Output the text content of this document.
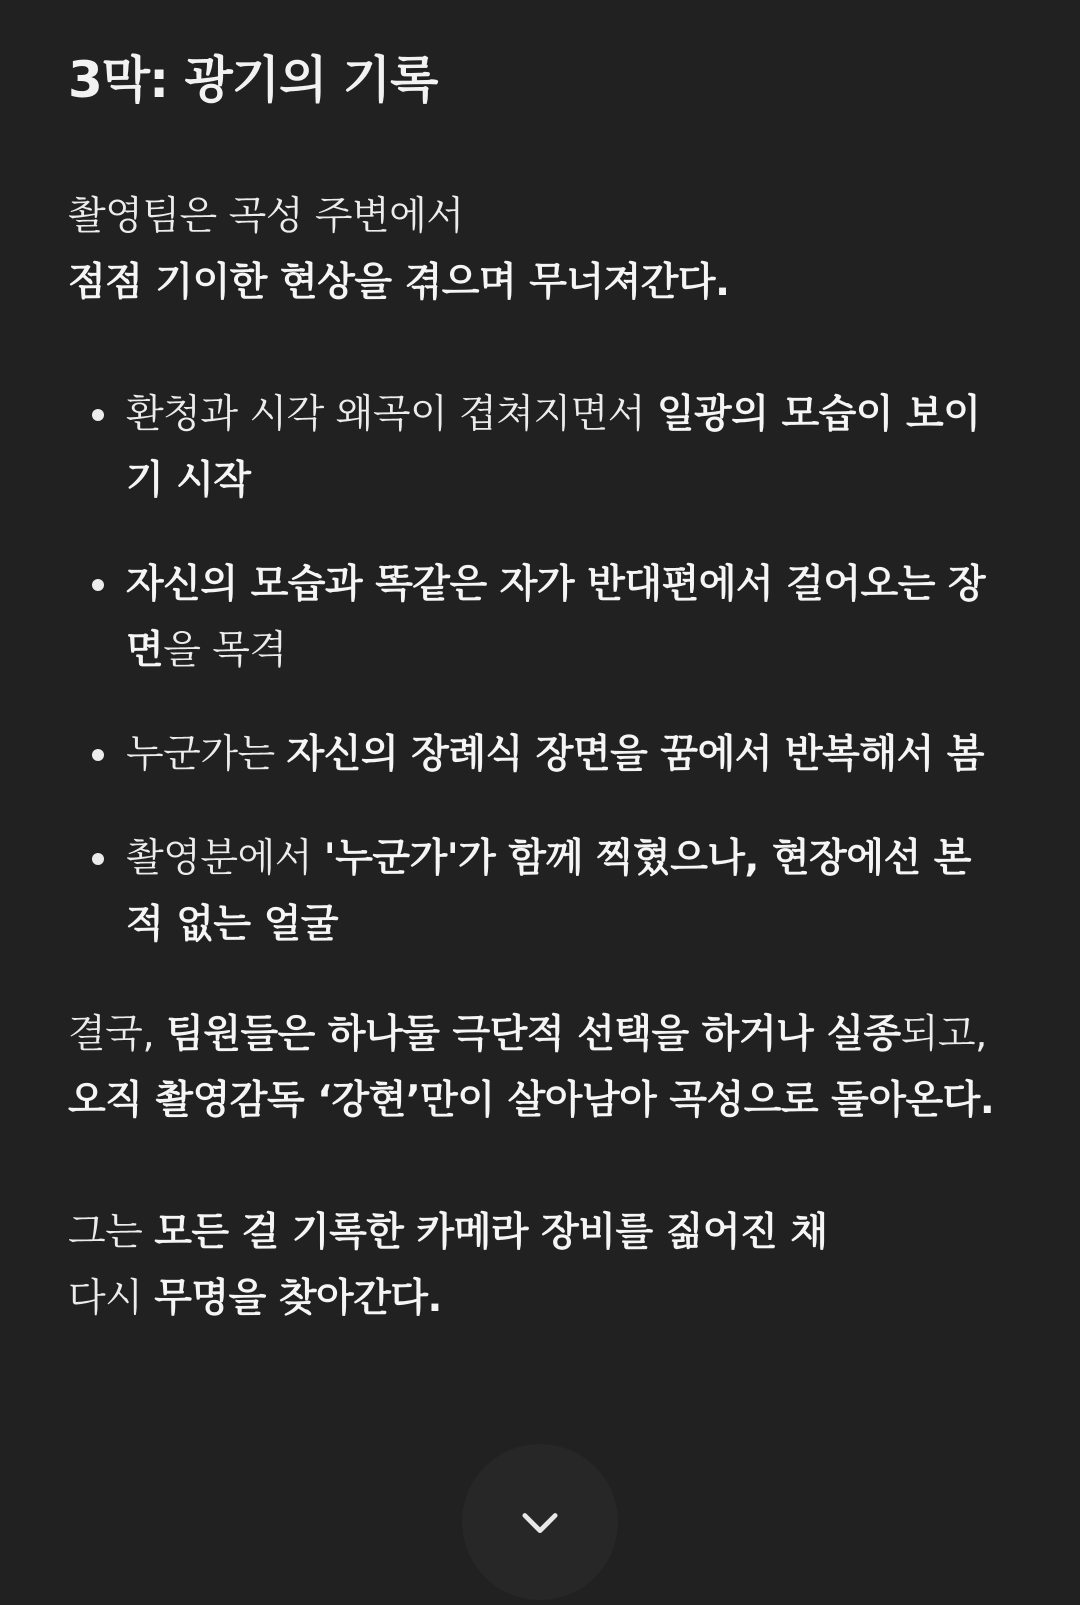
3막: 광기의 기록

촬영팀은 곡성 주변에서
점점 기이한 현상을 겪으며 무너져간다.

환청과 시각 왜곡이 겹쳐지면서 일광의 모습이 보이기 시작
자신의 모습과 똑같은 자가 반대편에서 걸어오는 장면을 목격
누군가는 자신의 장례식 장면을 꿈에서 반복해서 봄
촬영분에서 '누군가'가 함께 찍혔으나, 현장에선 본 적 없는 얼굴

결국, 팀원들은 하나둘 극단적 선택을 하거나 실종되고,
오직 촬영감독 ‘강현’만이 살아남아 곡성으로 돌아온다.

그는 모든 걸 기록한 카메라 장비를 짊어진 채
다시 무명을 찾아간다.
